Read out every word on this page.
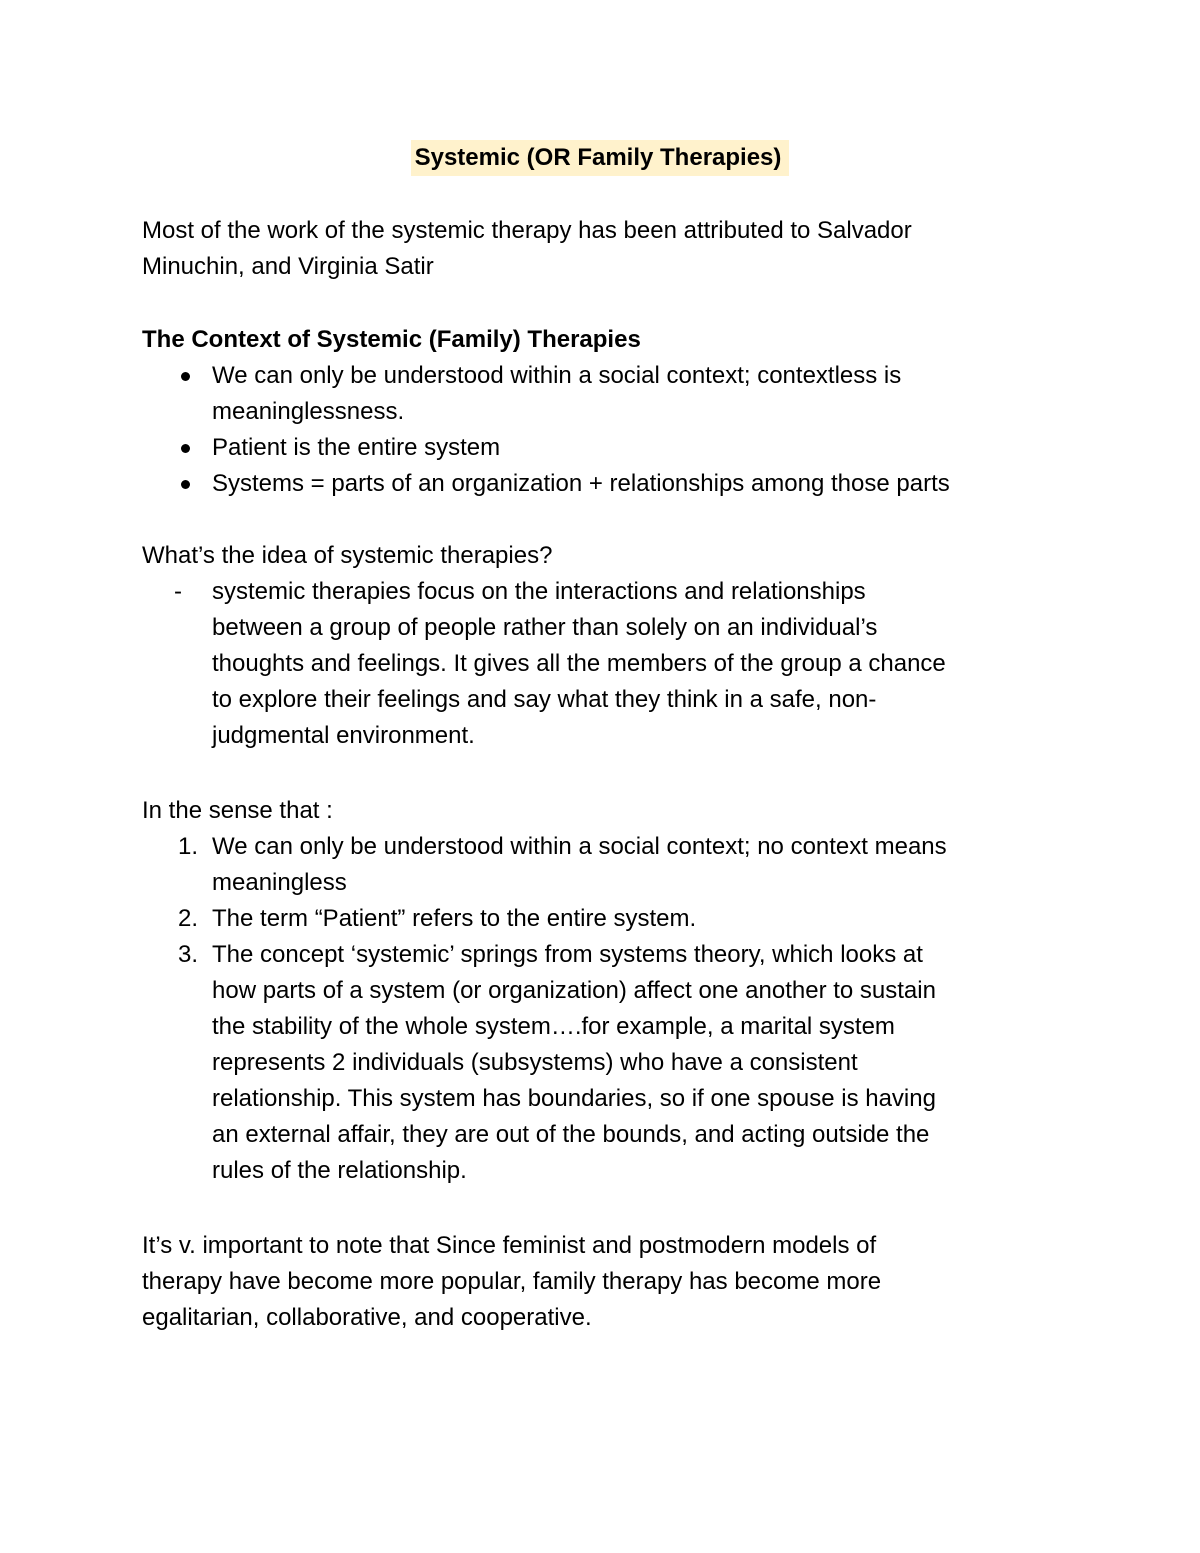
Systemic (OR Family Therapies)
Most of the work of the systemic therapy has been attributed to Salvador
Minuchin, and Virginia Satir
The Context of Systemic (Family) Therapies
We can only be understood within a social context; contextless is
meaninglessness.
Patient is the entire system
Systems = parts of an organization + relationships among those parts
What’s the idea of systemic therapies?
- systemic therapies focus on the interactions and relationships
between a group of people rather than solely on an individual’s
thoughts and feelings. It gives all the members of the group a chance
to explore their feelings and say what they think in a safe, non-
judgmental environment.
In the sense that :
1. We can only be understood within a social context; no context means
meaningless
2. The term “Patient” refers to the entire system.
3. The concept ‘systemic’ springs from systems theory, which looks at
how parts of a system (or organization) affect one another to sustain
the stability of the whole system….for example, a marital system
represents 2 individuals (subsystems) who have a consistent
relationship. This system has boundaries, so if one spouse is having
an external affair, they are out of the bounds, and acting outside the
rules of the relationship.
It’s v. important to note that Since feminist and postmodern models of
therapy have become more popular, family therapy has become more
egalitarian, collaborative, and cooperative.
